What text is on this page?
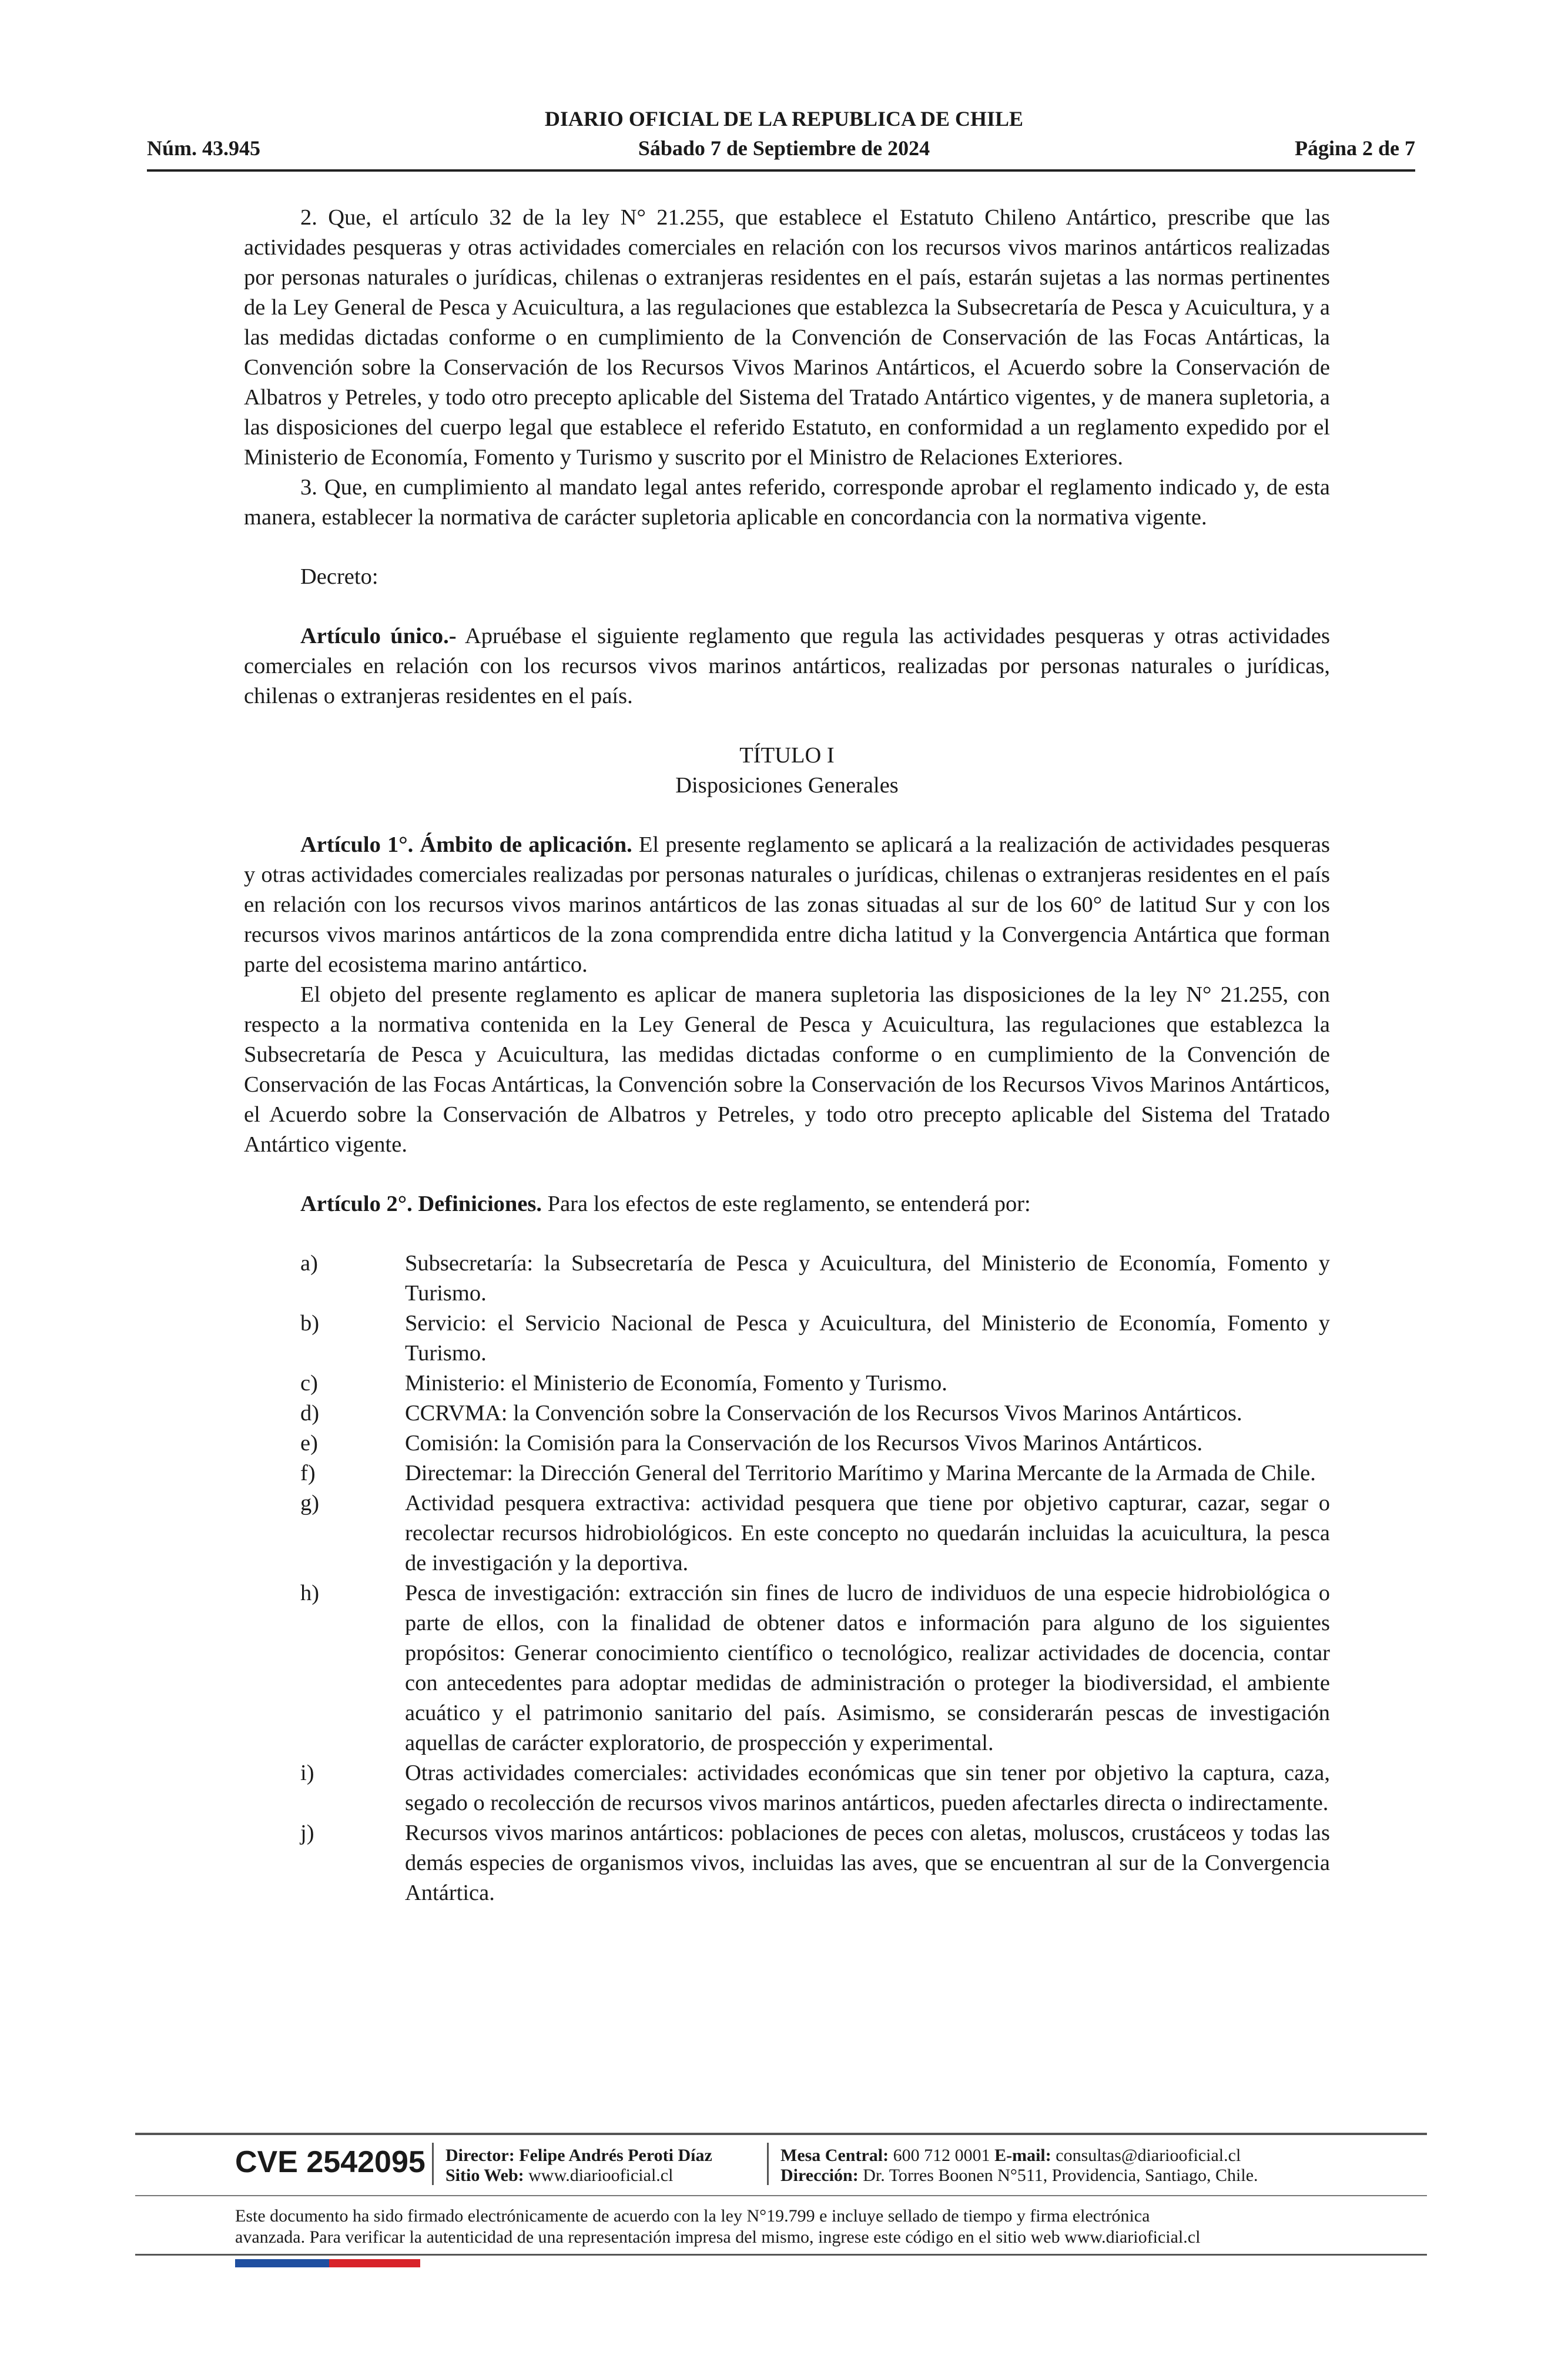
DIARIO OFICIAL DE LA REPUBLICA DE CHILE
Núm. 43.945	Sábado 7 de Septiembre de 2024	Página 2 de 7

2. Que, el artículo 32 de la ley N° 21.255, que establece el Estatuto Chileno Antártico, prescribe que las actividades pesqueras y otras actividades comerciales en relación con los recursos vivos marinos antárticos realizadas por personas naturales o jurídicas, chilenas o extranjeras residentes en el país, estarán sujetas a las normas pertinentes de la Ley General de Pesca y Acuicultura, a las regulaciones que establezca la Subsecretaría de Pesca y Acuicultura, y a las medidas dictadas conforme o en cumplimiento de la Convención de Conservación de las Focas Antárticas, la Convención sobre la Conservación de los Recursos Vivos Marinos Antárticos, el Acuerdo sobre la Conservación de Albatros y Petreles, y todo otro precepto aplicable del Sistema del Tratado Antártico vigentes, y de manera supletoria, a las disposiciones del cuerpo legal que establece el referido Estatuto, en conformidad a un reglamento expedido por el Ministerio de Economía, Fomento y Turismo y suscrito por el Ministro de Relaciones Exteriores.

3. Que, en cumplimiento al mandato legal antes referido, corresponde aprobar el reglamento indicado y, de esta manera, establecer la normativa de carácter supletoria aplicable en concordancia con la normativa vigente.

Decreto:

Artículo único.- Apruébase el siguiente reglamento que regula las actividades pesqueras y otras actividades comerciales en relación con los recursos vivos marinos antárticos, realizadas por personas naturales o jurídicas, chilenas o extranjeras residentes en el país.

TÍTULO I

Disposiciones Generales

Artículo 1°. Ámbito de aplicación. El presente reglamento se aplicará a la realización de actividades pesqueras y otras actividades comerciales realizadas por personas naturales o jurídicas, chilenas o extranjeras residentes en el país en relación con los recursos vivos marinos antárticos de las zonas situadas al sur de los 60° de latitud Sur y con los recursos vivos marinos antárticos de la zona comprendida entre dicha latitud y la Convergencia Antártica que forman parte del ecosistema marino antártico.

El objeto del presente reglamento es aplicar de manera supletoria las disposiciones de la ley N° 21.255, con respecto a la normativa contenida en la Ley General de Pesca y Acuicultura, las regulaciones que establezca la Subsecretaría de Pesca y Acuicultura, las medidas dictadas conforme o en cumplimiento de la Convención de Conservación de las Focas Antárticas, la Convención sobre la Conservación de los Recursos Vivos Marinos Antárticos, el Acuerdo sobre la Conservación de Albatros y Petreles, y todo otro precepto aplicable del Sistema del Tratado Antártico vigente.

Artículo 2°. Definiciones. Para los efectos de este reglamento, se entenderá por:

a)	Subsecretaría: la Subsecretaría de Pesca y Acuicultura, del Ministerio de Economía, Fomento y Turismo.
b)	Servicio: el Servicio Nacional de Pesca y Acuicultura, del Ministerio de Economía, Fomento y Turismo.
c)	Ministerio: el Ministerio de Economía, Fomento y Turismo.
d)	CCRVMA: la Convención sobre la Conservación de los Recursos Vivos Marinos Antárticos.
e)	Comisión: la Comisión para la Conservación de los Recursos Vivos Marinos Antárticos.
f)	Directemar: la Dirección General del Territorio Marítimo y Marina Mercante de la Armada de Chile.
g)	Actividad pesquera extractiva: actividad pesquera que tiene por objetivo capturar, cazar, segar o recolectar recursos hidrobiológicos. En este concepto no quedarán incluidas la acuicultura, la pesca de investigación y la deportiva.
h)	Pesca de investigación: extracción sin fines de lucro de individuos de una especie hidrobiológica o parte de ellos, con la finalidad de obtener datos e información para alguno de los siguientes propósitos: Generar conocimiento científico o tecnológico, realizar actividades de docencia, contar con antecedentes para adoptar medidas de administración o proteger la biodiversidad, el ambiente acuático y el patrimonio sanitario del país. Asimismo, se considerarán pescas de investigación aquellas de carácter exploratorio, de prospección y experimental.
i)	Otras actividades comerciales: actividades económicas que sin tener por objetivo la captura, caza, segado o recolección de recursos vivos marinos antárticos, pueden afectarles directa o indirectamente.
j)	Recursos vivos marinos antárticos: poblaciones de peces con aletas, moluscos, crustáceos y todas las demás especies de organismos vivos, incluidas las aves, que se encuentran al sur de la Convergencia Antártica.
CVE 2542095 Director: Felipe Andrés Peroti Díaz
Sitio Web: www.diariooficial.cl
Mesa Central: 600 712 0001 E-mail: consultas@diariooficial.cl
Dirección: Dr. Torres Boonen N°511, Providencia, Santiago, Chile.
Este documento ha sido firmado electrónicamente de acuerdo con la ley N°19.799 e incluye sellado de tiempo y firma electrónica
avanzada. Para verificar la autenticidad de una representación impresa del mismo, ingrese este código en el sitio web www.diarioficial.cl
